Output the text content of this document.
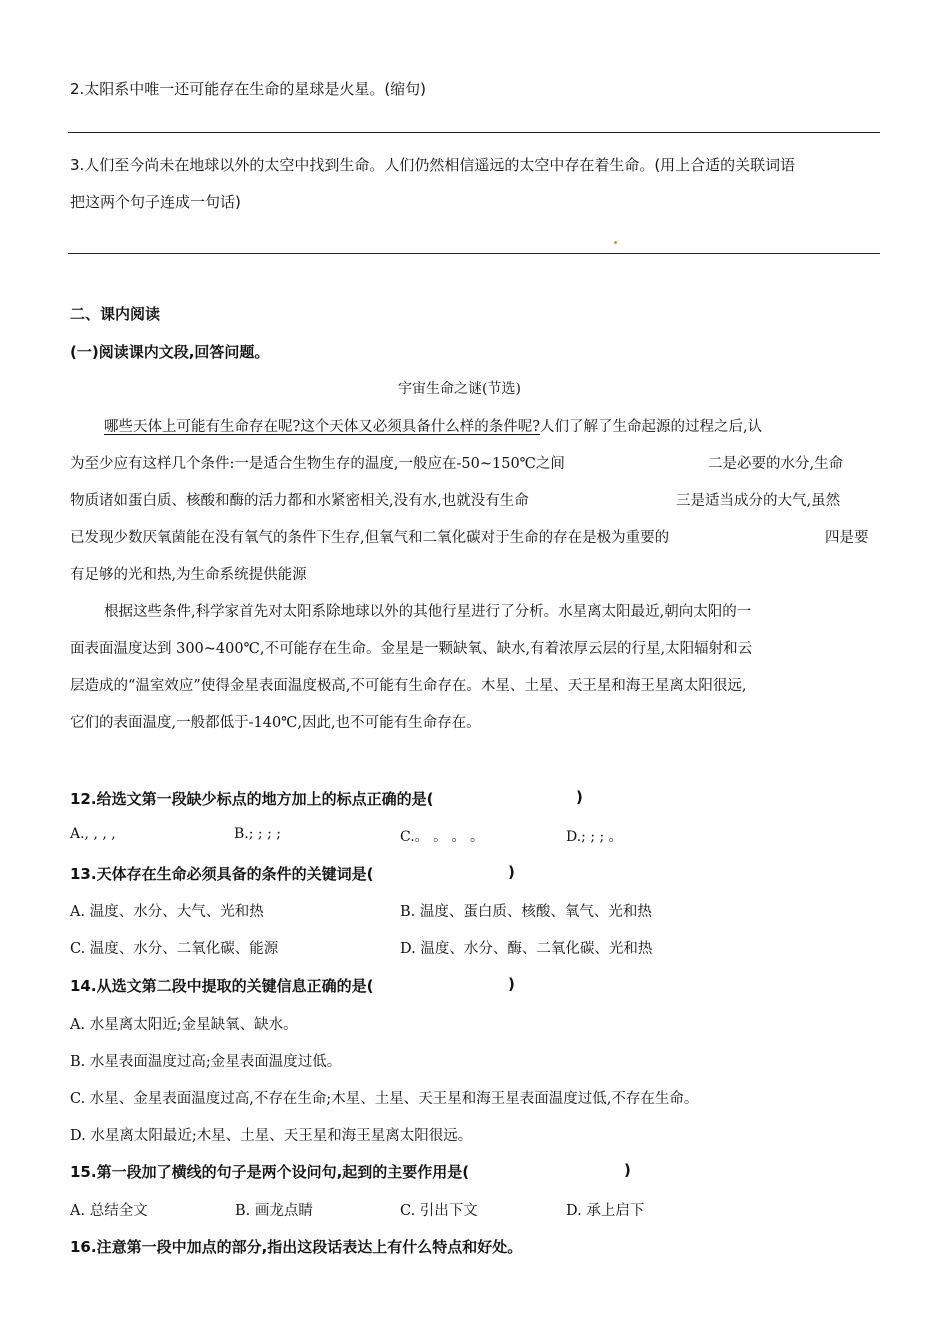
2.太阳系中唯一还可能存在生命的星球是火星。(缩句)
3.人们至今尚未在地球以外的太空中找到生命。人们仍然相信遥远的太空中存在着生命。(用上合适的关联词语
把这两个句子连成一句话)
二、课内阅读
(一)阅读课内文段,回答问题。
宇宙生命之谜(节选)
哪些天体上可能有生命存在呢?这个天体又必须具备什么样的条件呢?人们了解了生命起源的过程之后,认
为至少应有这样几个条件:一是适合生物生存的温度,一般应在-50~150℃之间	二是必要的水分,生命
物质诸如蛋白质、核酸和酶的活力都和水紧密相关,没有水,也就没有生命	三是适当成分的大气,虽然
已发现少数厌氧菌能在没有氧气的条件下生存,但氧气和二氧化碳对于生命的存在是极为重要的	四是要
有足够的光和热,为生命系统提供能源
根据这些条件,科学家首先对太阳系除地球以外的其他行星进行了分析。水星离太阳最近,朝向太阳的一
面表面温度达到 300~400℃,不可能存在生命。金星是一颗缺氧、缺水,有着浓厚云层的行星,太阳辐射和云
层造成的“温室效应”使得金星表面温度极高,不可能有生命存在。木星、土星、天王星和海王星离太阳很远,
它们的表面温度,一般都低于-140℃,因此,也不可能有生命存在。
12.给选文第一段缺少标点的地方加上的标点正确的是(	)
A., , , ,	B.; ; ; ;	C.。 。 。 。	D.; ; ; 。
13.天体存在生命必须具备的条件的关键词是(	)
A. 温度、水分、大气、光和热	B. 温度、蛋白质、核酸、氧气、光和热
C. 温度、水分、二氧化碳、能源	D. 温度、水分、酶、二氧化碳、光和热
14.从选文第二段中提取的关键信息正确的是(	)
A. 水星离太阳近;金星缺氧、缺水。
B. 水星表面温度过高;金星表面温度过低。
C. 水星、金星表面温度过高,不存在生命;木星、土星、天王星和海王星表面温度过低,不存在生命。
D. 水星离太阳最近;木星、土星、天王星和海王星离太阳很远。
15.第一段加了横线的句子是两个设问句,起到的主要作用是(	)
A. 总结全文	B. 画龙点睛	C. 引出下文	D. 承上启下
16.注意第一段中加点的部分,指出这段话表达上有什么特点和好处。
